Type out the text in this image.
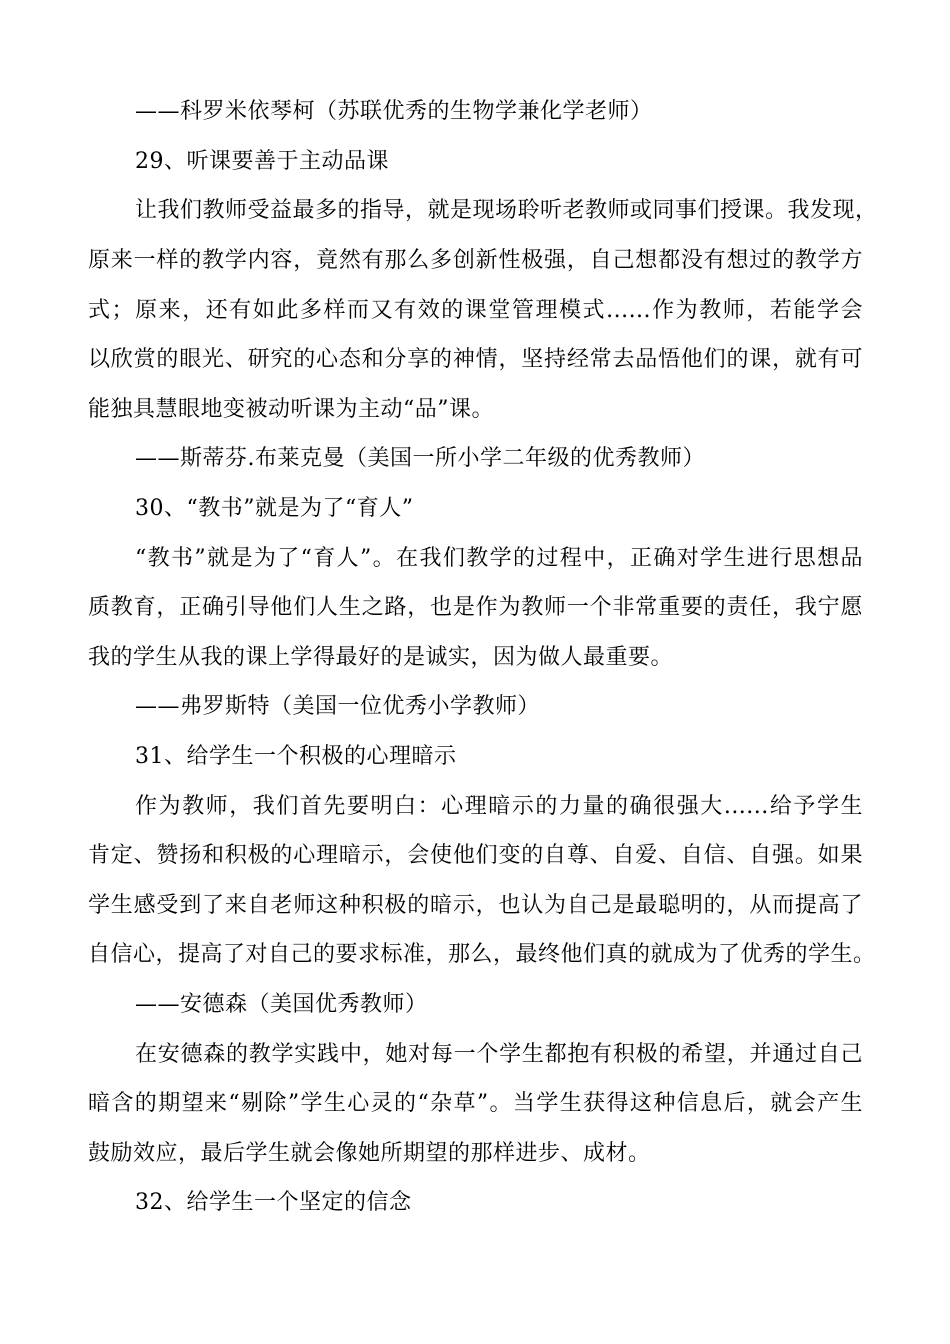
——科罗米依琴柯（苏联优秀的生物学兼化学老师）
29、听课要善于主动品课
让我们教师受益最多的指导，就是现场聆听老教师或同事们授课。我发现，
原来一样的教学内容，竟然有那么多创新性极强，自己想都没有想过的教学方
式；原来，还有如此多样而又有效的课堂管理模式......作为教师，若能学会
以欣赏的眼光、研究的心态和分享的神情，坚持经常去品悟他们的课，就有可
能独具慧眼地变被动听课为主动“品”课。
——斯蒂芬.布莱克曼（美国一所小学二年级的优秀教师）
30、“教书”就是为了“育人”
“教书”就是为了“育人”。在我们教学的过程中，正确对学生进行思想品
质教育，正确引导他们人生之路，也是作为教师一个非常重要的责任，我宁愿
我的学生从我的课上学得最好的是诚实，因为做人最重要。
——弗罗斯特（美国一位优秀小学教师）
31、给学生一个积极的心理暗示
作为教师，我们首先要明白：心理暗示的力量的确很强大......给予学生
肯定、赞扬和积极的心理暗示，会使他们变的自尊、自爱、自信、自强。如果
学生感受到了来自老师这种积极的暗示，也认为自己是最聪明的，从而提高了
自信心，提高了对自己的要求标准，那么，最终他们真的就成为了优秀的学生。
——安德森（美国优秀教师）
在安德森的教学实践中，她对每一个学生都抱有积极的希望，并通过自己
暗含的期望来“剔除”学生心灵的“杂草”。当学生获得这种信息后，就会产生
鼓励效应，最后学生就会像她所期望的那样进步、成材。
32、给学生一个坚定的信念
